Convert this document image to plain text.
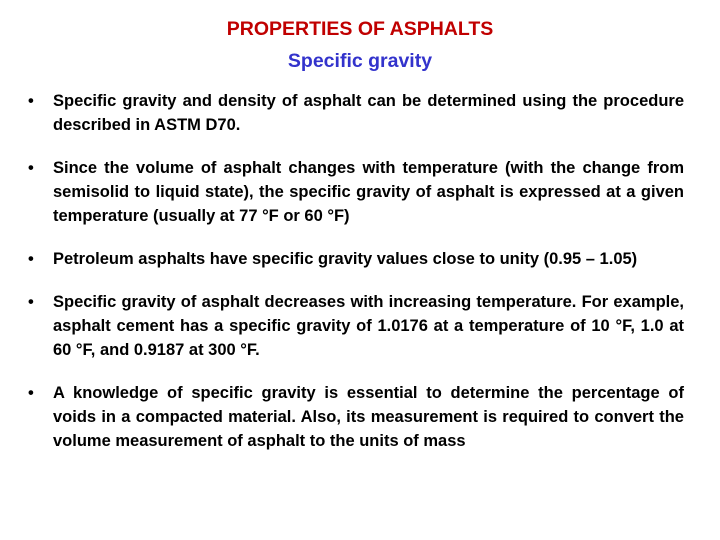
PROPERTIES OF ASPHALTS
Specific gravity
• Specific gravity and density of asphalt can be determined using the procedure described in ASTM D70.
• Since the volume of asphalt changes with temperature (with the change from semisolid to liquid state), the specific gravity of asphalt is expressed at a given temperature (usually at 77 °F or 60 °F)
• Petroleum asphalts have specific gravity values close to unity (0.95 – 1.05)
• Specific gravity of asphalt decreases with increasing temperature. For example, asphalt cement has a specific gravity of 1.0176 at a temperature of 10 °F, 1.0 at 60 °F, and 0.9187 at 300 °F.
• A knowledge of specific gravity is essential to determine the percentage of voids in a compacted material. Also, its measurement is required to convert the volume measurement of asphalt to the units of mass
